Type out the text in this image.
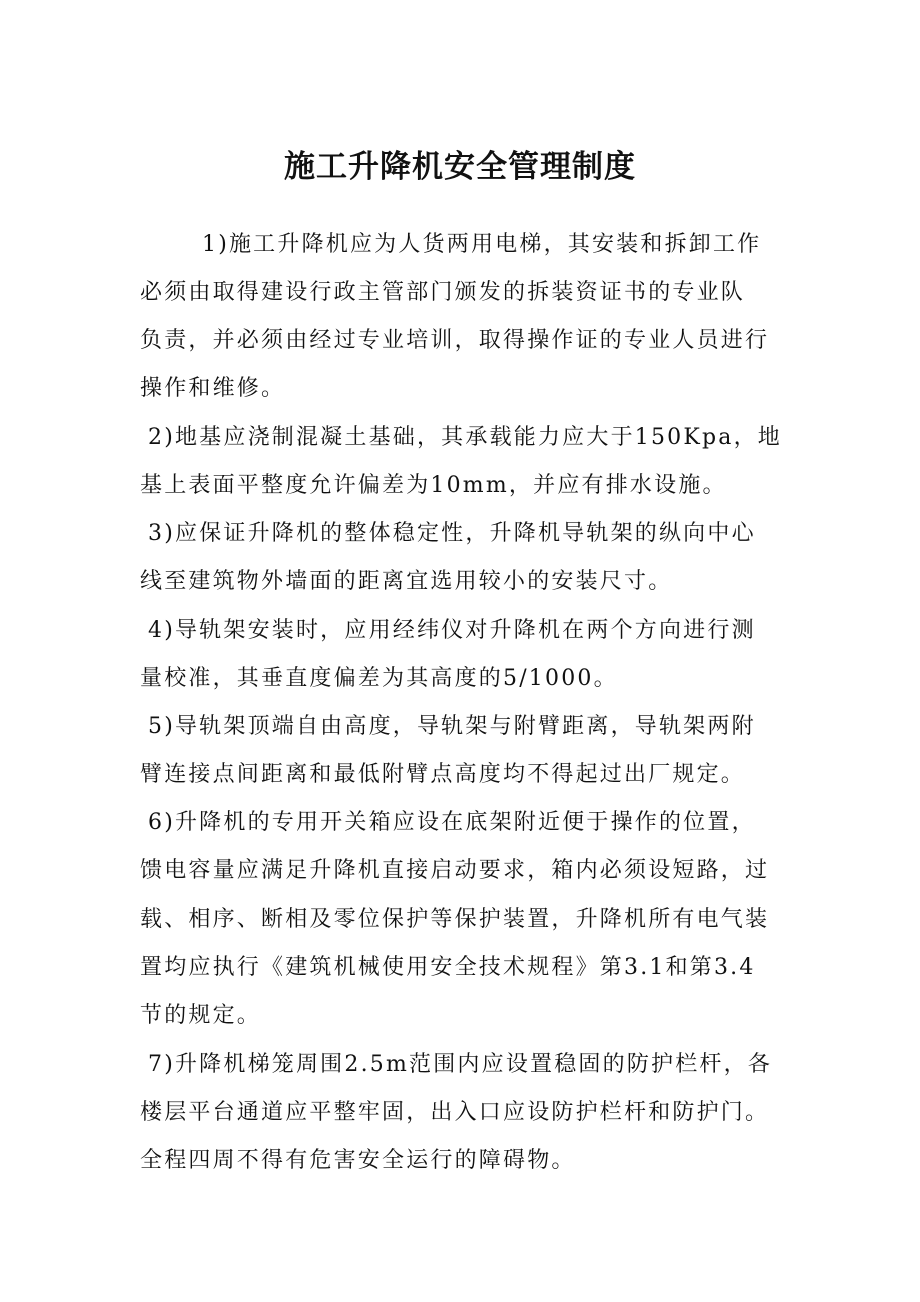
施工升降机安全管理制度
1)施工升降机应为人货两用电梯，其安装和拆卸工作
必须由取得建设行政主管部门颁发的拆装资证书的专业队
负责，并必须由经过专业培训，取得操作证的专业人员进行
操作和维修。
2)地基应浇制混凝土基础，其承载能力应大于150Kpa，地
基上表面平整度允许偏差为10mm，并应有排水设施。
3)应保证升降机的整体稳定性，升降机导轨架的纵向中心
线至建筑物外墙面的距离宜选用较小的安装尺寸。
4)导轨架安装时，应用经纬仪对升降机在两个方向进行测
量校准，其垂直度偏差为其高度的5/1000。
5)导轨架顶端自由高度，导轨架与附臂距离，导轨架两附
臂连接点间距离和最低附臂点高度均不得起过出厂规定。
6)升降机的专用开关箱应设在底架附近便于操作的位置，
馈电容量应满足升降机直接启动要求，箱内必须设短路，过
载、相序、断相及零位保护等保护装置，升降机所有电气装
置均应执行《建筑机械使用安全技术规程》第3.1和第3.4
节的规定。
7)升降机梯笼周围2.5m范围内应设置稳固的防护栏杆，各
楼层平台通道应平整牢固，出入口应设防护栏杆和防护门。
全程四周不得有危害安全运行的障碍物。
